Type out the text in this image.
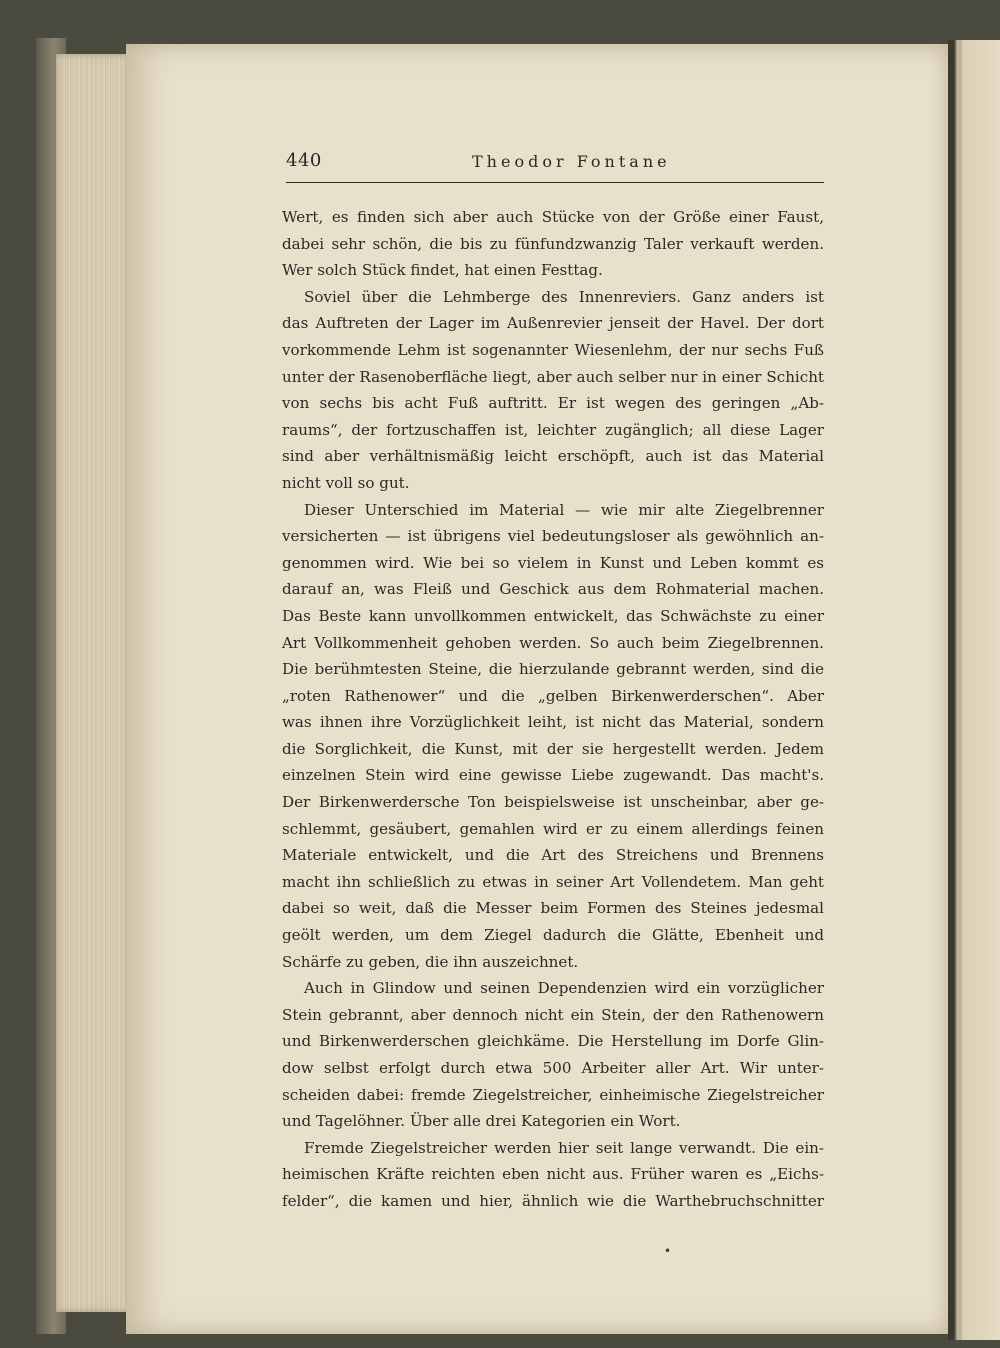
440	Theodor Fontane
Wert, es finden sich aber auch Stücke von der Größe einer Faust,
dabei sehr schön, die bis zu fünfundzwanzig Taler verkauft werden.
Wer solch Stück findet, hat einen Festtag.
Soviel über die Lehmberge des Innenreviers. Ganz anders ist
das Auftreten der Lager im Außenrevier jenseit der Havel. Der dort
vorkommende Lehm ist sogenannter Wiesenlehm, der nur sechs Fuß
unter der Rasenoberfläche liegt, aber auch selber nur in einer Schicht
von sechs bis acht Fuß auftritt. Er ist wegen des geringen „Ab-
raums“, der fortzuschaffen ist, leichter zugänglich; all diese Lager
sind aber verhältnismäßig leicht erschöpft, auch ist das Material
nicht voll so gut.
Dieser Unterschied im Material — wie mir alte Ziegelbrenner
versicherten — ist übrigens viel bedeutungsloser als gewöhnlich an-
genommen wird. Wie bei so vielem in Kunst und Leben kommt es
darauf an, was Fleiß und Geschick aus dem Rohmaterial machen.
Das Beste kann unvollkommen entwickelt, das Schwächste zu einer
Art Vollkommenheit gehoben werden. So auch beim Ziegelbrennen.
Die berühmtesten Steine, die hierzulande gebrannt werden, sind die
„roten Rathenower“ und die „gelben Birkenwerderschen“. Aber
was ihnen ihre Vorzüglichkeit leiht, ist nicht das Material, sondern
die Sorglichkeit, die Kunst, mit der sie hergestellt werden. Jedem
einzelnen Stein wird eine gewisse Liebe zugewandt. Das macht's.
Der Birkenwerdersche Ton beispielsweise ist unscheinbar, aber ge-
schlemmt, gesäubert, gemahlen wird er zu einem allerdings feinen
Materiale entwickelt, und die Art des Streichens und Brennens
macht ihn schließlich zu etwas in seiner Art Vollendetem. Man geht
dabei so weit, daß die Messer beim Formen des Steines jedesmal
geölt werden, um dem Ziegel dadurch die Glätte, Ebenheit und
Schärfe zu geben, die ihn auszeichnet.
Auch in Glindow und seinen Dependenzien wird ein vorzüglicher
Stein gebrannt, aber dennoch nicht ein Stein, der den Rathenowern
und Birkenwerderschen gleichkäme. Die Herstellung im Dorfe Glin-
dow selbst erfolgt durch etwa 500 Arbeiter aller Art. Wir unter-
scheiden dabei: fremde Ziegelstreicher, einheimische Ziegelstreicher
und Tagelöhner. Über alle drei Kategorien ein Wort.
Fremde Ziegelstreicher werden hier seit lange verwandt. Die ein-
heimischen Kräfte reichten eben nicht aus. Früher waren es „Eichs-
felder“, die kamen und hier, ähnlich wie die Warthebruchschnitter
•
